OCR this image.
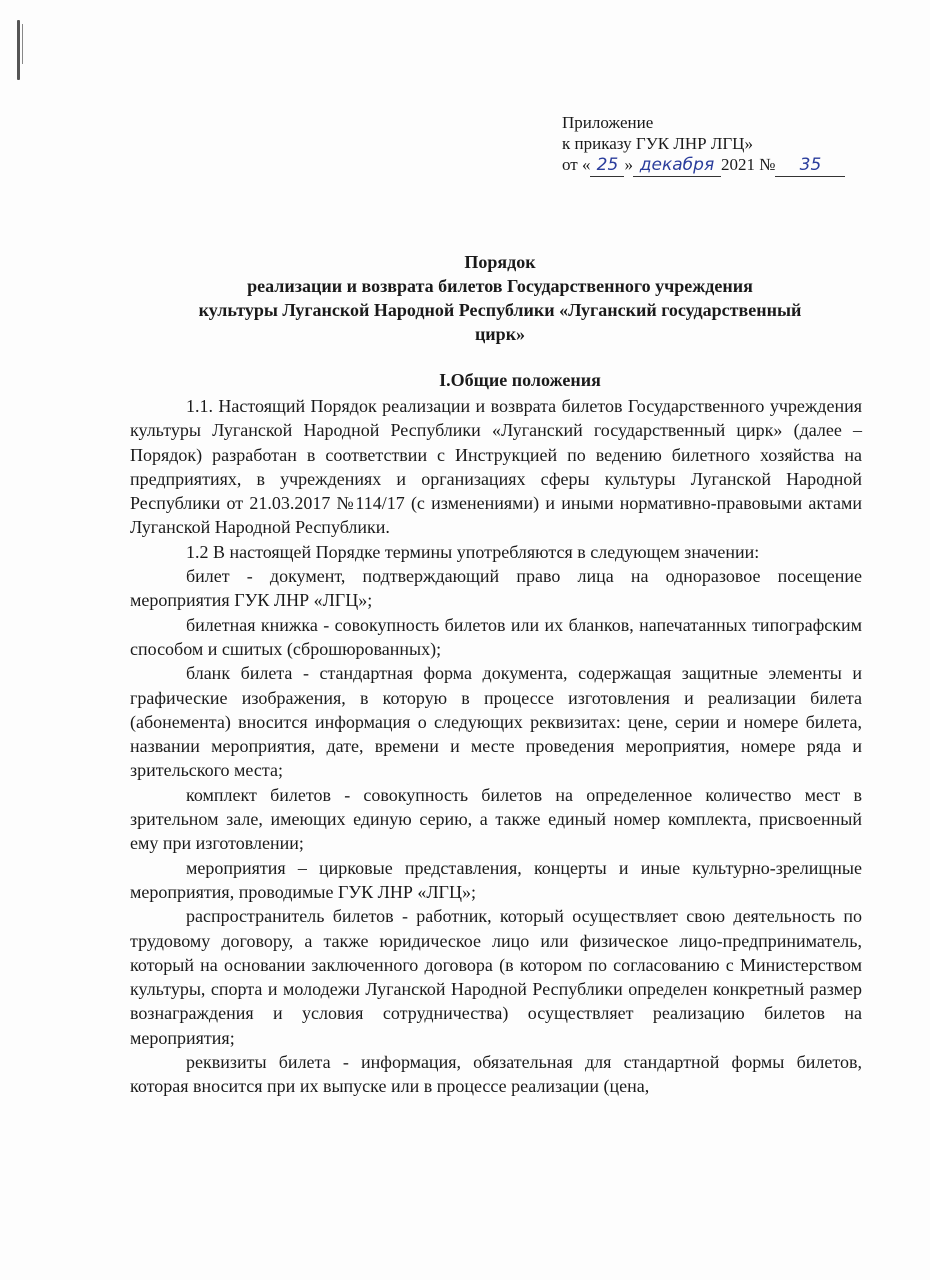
Приложение
к приказу ГУК ЛНР ЛГЦ»
от « 25 » декабря 2021 № 35
Порядок
реализации и возврата билетов Государственного учреждения
культуры Луганской Народной Республики «Луганский государственный
цирк»
I.Общие положения

1.1. Настоящий Порядок реализации и возврата билетов Государственного учреждения культуры Луганской Народной Республики «Луганский государственный цирк» (далее – Порядок) разработан в соответствии с Инструкцией по ведению билетного хозяйства на предприятиях, в учреждениях и организациях сферы культуры Луганской Народной Республики от 21.03.2017 №114/17 (с изменениями) и иными нормативно-правовыми актами Луганской Народной Республики.

1.2 В настоящей Порядке термины употребляются в следующем значении:

билет - документ, подтверждающий право лица на одноразовое посещение мероприятия ГУК ЛНР «ЛГЦ»;

билетная книжка - совокупность билетов или их бланков, напечатанных типографским способом и сшитых (сброшюрованных);

бланк билета - стандартная форма документа, содержащая защитные элементы и графические изображения, в которую в процессе изготовления и реализации билета (абонемента) вносится информация о следующих реквизитах: цене, серии и номере билета, названии мероприятия, дате, времени и месте проведения мероприятия, номере ряда и зрительского места;

комплект билетов - совокупность билетов на определенное количество мест в зрительном зале, имеющих единую серию, а также единый номер комплекта, присвоенный ему при изготовлении;

мероприятия – цирковые представления, концерты и иные культурно-зрелищные мероприятия, проводимые ГУК ЛНР «ЛГЦ»;

распространитель билетов - работник, который осуществляет свою деятельность по трудовому договору, а также юридическое лицо или физическое лицо-предприниматель, который на основании заключенного договора (в котором по согласованию с Министерством культуры, спорта и молодежи Луганской Народной Республики определен конкретный размер вознаграждения и условия сотрудничества) осуществляет реализацию билетов на мероприятия;

реквизиты билета - информация, обязательная для стандартной формы билетов, которая вносится при их выпуске или в процессе реализации (цена,
